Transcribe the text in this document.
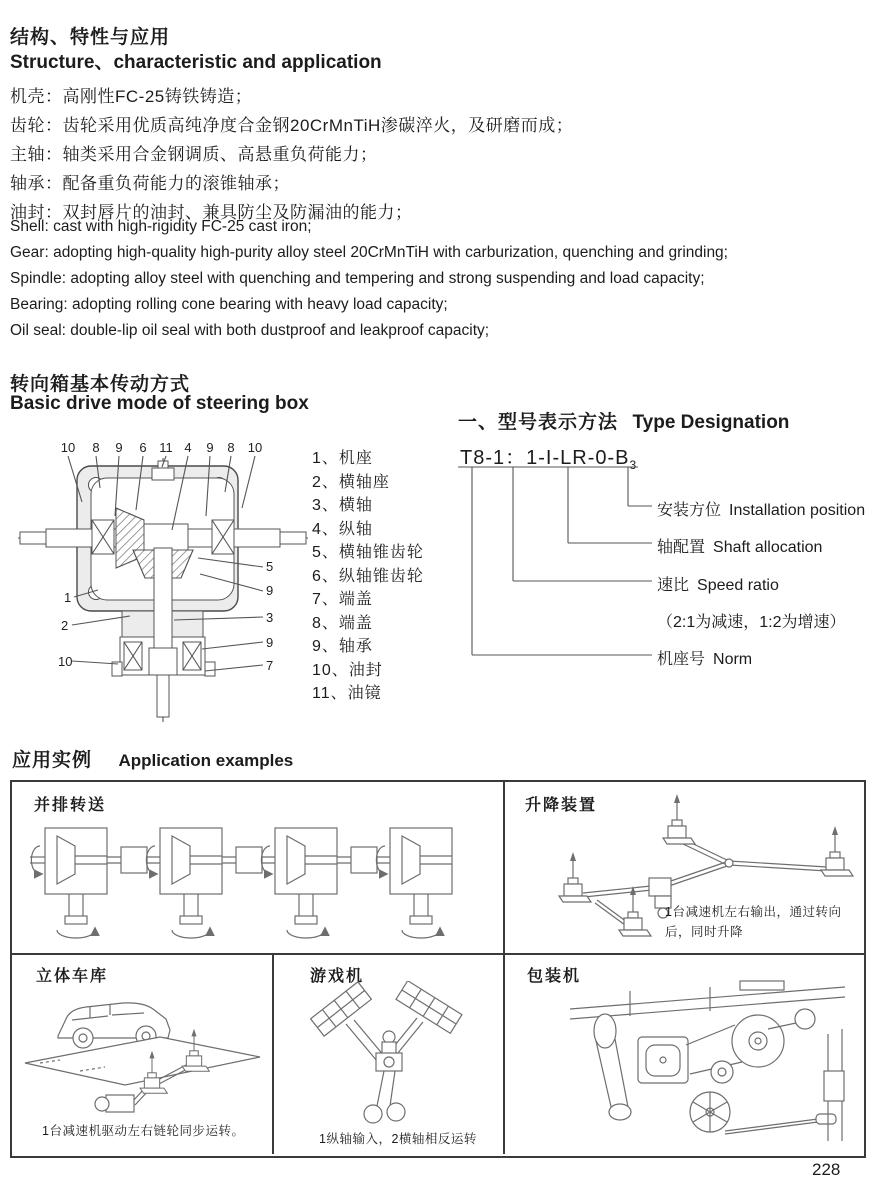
结构、特性与应用
Structure、characteristic and application
机壳：高刚性FC-25铸铁铸造；
齿轮：齿轮采用优质高纯净度合金钢20CrMnTiH渗碳淬火，及研磨而成；
主轴：轴类采用合金钢调质、高悬重负荷能力；
轴承：配备重负荷能力的滚锥轴承；
油封：双封唇片的油封、兼具防尘及防漏油的能力；
Shell: cast with high-rigidity FC-25 cast iron;
Gear: adopting high-quality high-purity alloy steel 20CrMnTiH with carburization, quenching and grinding;
Spindle: adopting alloy steel with quenching and tempering and strong suspending and load capacity;
Bearing: adopting rolling cone bearing with heavy load capacity;
Oil seal: double-lip oil seal with both dustproof and leakproof capacity;
转向箱基本传动方式
Basic drive mode of steering box
10 8 9 6 11 4 9 8 10
1
2
10
5
9
3
9
7
1、机座
2、横轴座
3、横轴
4、纵轴
5、横轴锥齿轮
6、纵轴锥齿轮
7、端盖
8、端盖
9、轴承
10、油封
11、油镜
一、型号表示方法 Type Designation
T8-1：$1-I-LR-0-B_3$
安装方位 Installation position
轴配置 Shaft allocation
速比 Speed ratio
（2:1为减速，1:2为增速）
机座号 Norm
应用实例 Application examples
并排转送	升降装置
1台减速机左右输出，通过转向后，同时升降
立体车库
1台减速机驱动左右链轮同步运转。
游戏机
1纵轴输入，2横轴相反运转
包装机
228
